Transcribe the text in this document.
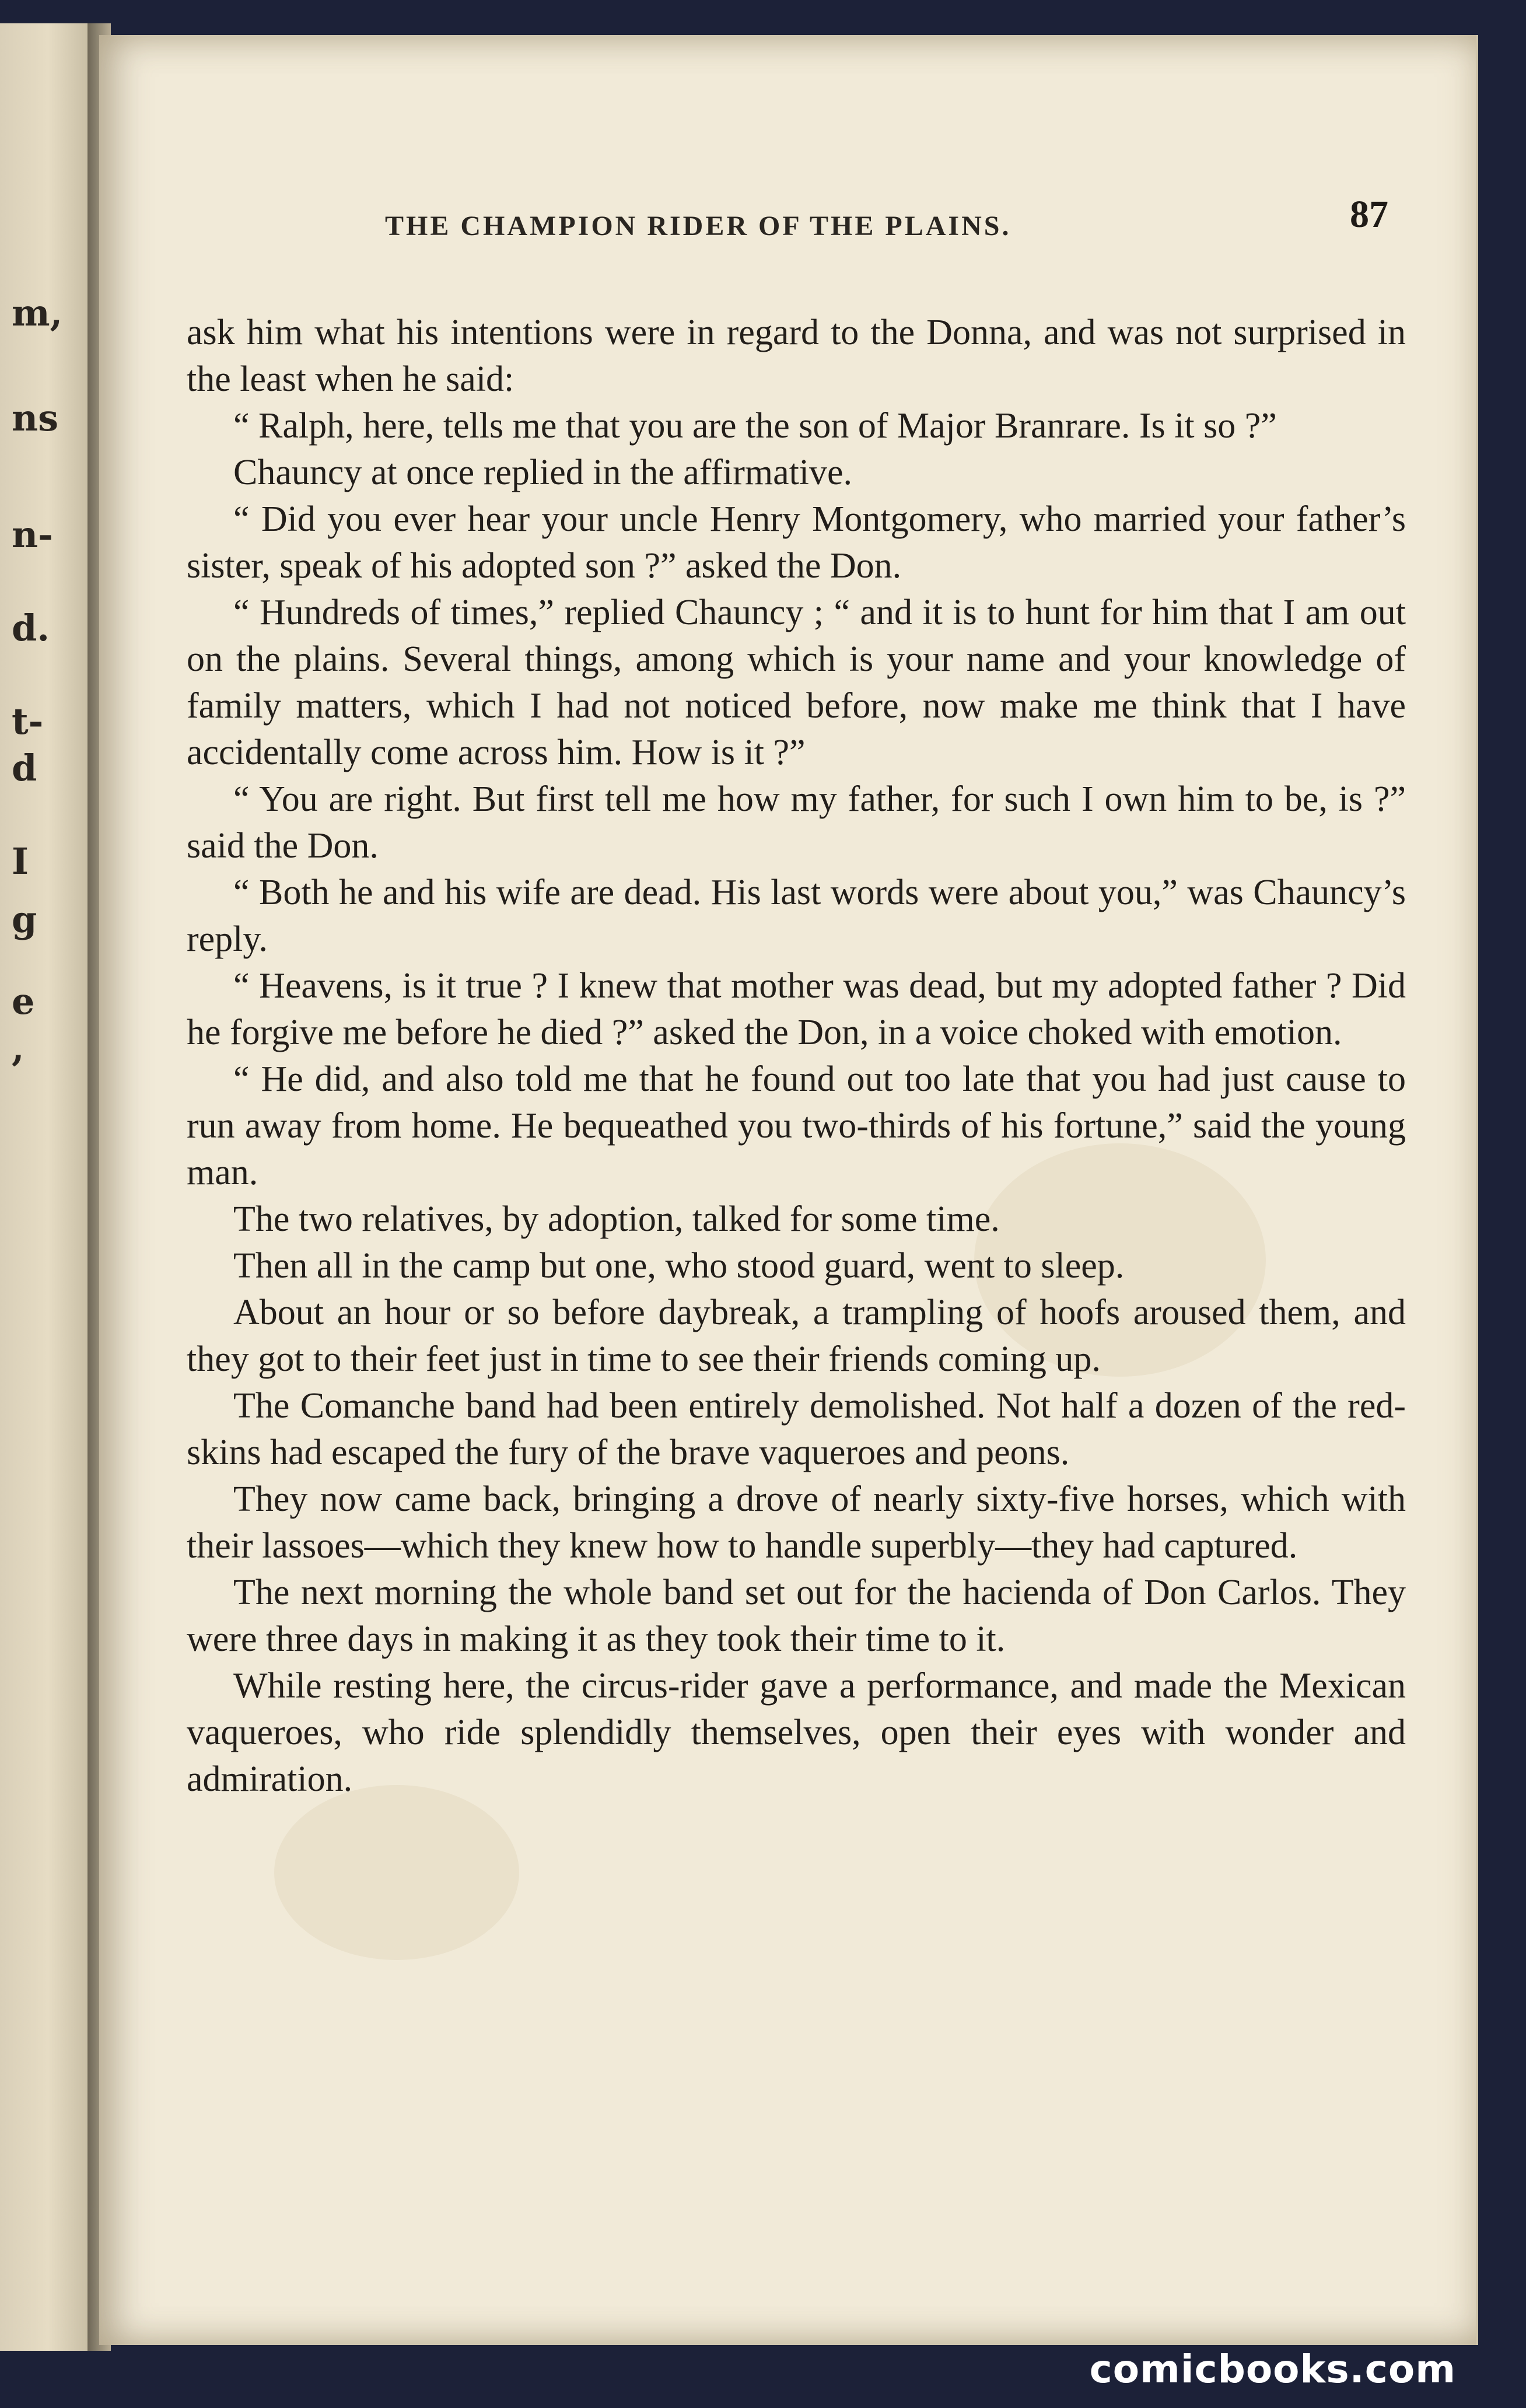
m,
ns
n-
d.
t-
d
I
g
e
,
THE CHAMPION RIDER OF THE PLAINS.	87

ask him what his intentions were in regard to the Donna, and was not surprised in the least when he said:

“ Ralph, here, tells me that you are the son of Major Branrare. Is it so ?”

Chauncy at once replied in the affirmative.

“ Did you ever hear your uncle Henry Montgomery, who married your father’s sister, speak of his adopted son ?” asked the Don.

“ Hundreds of times,” replied Chauncy ; “ and it is to hunt for him that I am out on the plains. Several things, among which is your name and your knowledge of family matters, which I had not noticed before, now make me think that I have accidentally come across him. How is it ?”

“ You are right. But first tell me how my father, for such I own him to be, is ?” said the Don.

“ Both he and his wife are dead. His last words were about you,” was Chauncy’s reply.

“ Heavens, is it true ? I knew that mother was dead, but my adopted father ? Did he forgive me before he died ?” asked the Don, in a voice choked with emotion.

“ He did, and also told me that he found out too late that you had just cause to run away from home. He bequeathed you two-thirds of his fortune,” said the young man.

The two relatives, by adoption, talked for some time.

Then all in the camp but one, who stood guard, went to sleep.

About an hour or so before daybreak, a trampling of hoofs aroused them, and they got to their feet just in time to see their friends coming up.

The Comanche band had been entirely demolished. Not half a dozen of the red-skins had escaped the fury of the brave vaqueroes and peons.

They now came back, bringing a drove of nearly sixty-five horses, which with their lassoes—which they knew how to handle superbly—they had captured.

The next morning the whole band set out for the hacienda of Don Carlos. They were three days in making it as they took their time to it.

While resting here, the circus-rider gave a performance, and made the Mexican vaqueroes, who ride splendidly themselves, open their eyes with wonder and admiration.

comicbooks.com
